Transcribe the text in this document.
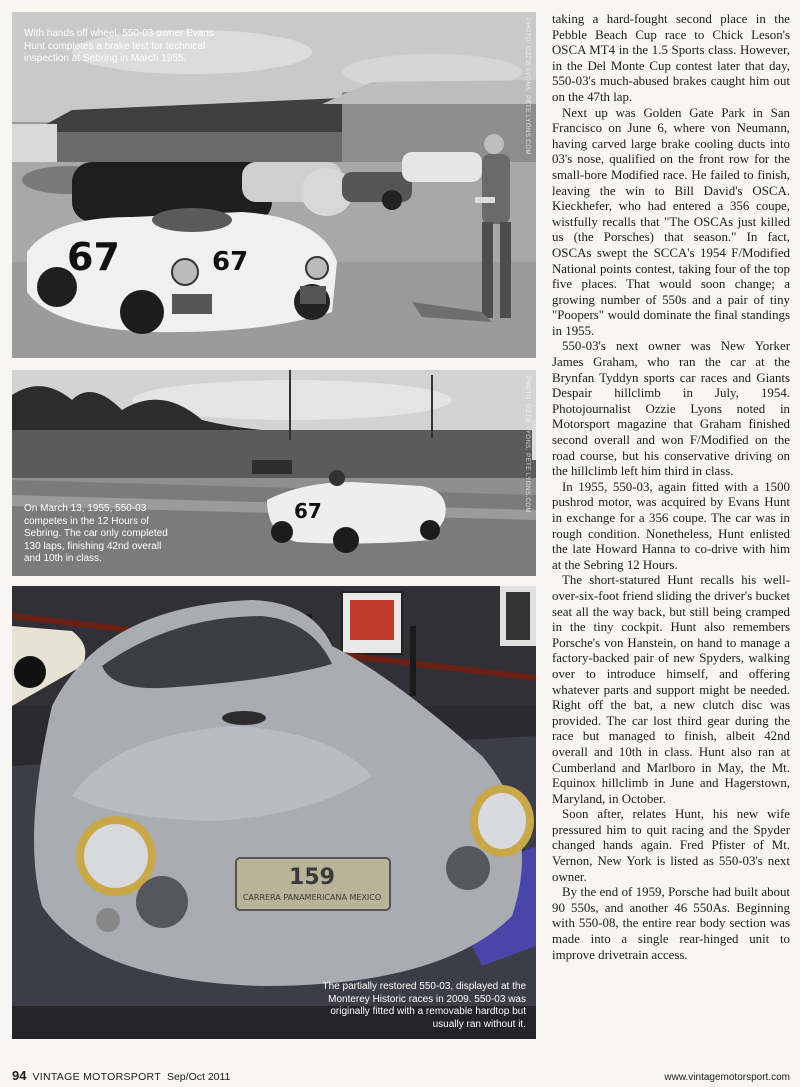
67	67
PHOTO: OZZIE LYONS, PETE LYONS.COM
With hands off wheel, 550-03 owner Evans Hunt completes a brake test for technical inspection at Sebring in March 1955.
67	PHOTO: OZZIE LYONS, PETE LYONS.COM
On March 13, 1955, 550-03 competes in the 12 Hours of Sebring. The car only completed 130 laps, finishing 42nd overall and 10th in class.
159
CARRERA PANAMERICANA MEXICO
The partially restored 550-03, displayed at the Monterey Historic races in 2009. 550-03 was originally fitted with a removable hardtop but usually ran without it.

taking a hard-fought second place in the Pebble Beach Cup race to Chick Leson's OSCA MT4 in the 1.5 Sports class. However, in the Del Monte Cup contest later that day, 550-03's much-abused brakes caught him out on the 47th lap.

Next up was Golden Gate Park in San Francisco on June 6, where von Neumann, having carved large brake cooling ducts into 03's nose, qualified on the front row for the small-bore Modified race. He failed to finish, leaving the win to Bill David's OSCA. Kieckhefer, who had entered a 356 coupe, wistfully recalls that "The OSCAs just killed us (the Porsches) that season." In fact, OSCAs swept the SCCA's 1954 F/Modified National points contest, taking four of the top five places. That would soon change; a growing number of 550s and a pair of tiny "Poopers" would dominate the final standings in 1955.

550-03's next owner was New Yorker James Graham, who ran the car at the Brynfan Tyddyn sports car races and Giants Despair hillclimb in July, 1954. Photojournalist Ozzie Lyons noted in Motorsport magazine that Graham finished second overall and won F/Modified on the road course, but his conservative driving on the hillclimb left him third in class.

In 1955, 550-03, again fitted with a 1500 pushrod motor, was acquired by Evans Hunt in exchange for a 356 coupe. The car was in rough condition. Nonetheless, Hunt enlisted the late Howard Hanna to co-drive with him at the Sebring 12 Hours.

The short-statured Hunt recalls his well-over-six-foot friend sliding the driver's bucket seat all the way back, but still being cramped in the tiny cockpit. Hunt also remembers Porsche's von Hanstein, on hand to manage a factory-backed pair of new Spyders, walking over to introduce himself, and offering whatever parts and support might be needed. Right off the bat, a new clutch disc was provided. The car lost third gear during the race but managed to finish, albeit 42nd overall and 10th in class. Hunt also ran at Cumberland and Marlboro in May, the Mt. Equinox hillclimb in June and Hagerstown, Maryland, in October.

Soon after, relates Hunt, his new wife pressured him to quit racing and the Spyder changed hands again. Fred Pfister of Mt. Vernon, New York is listed as 550-03's next owner.

By the end of 1959, Porsche had built about 90 550s, and another 46 550As. Beginning with 550-08, the entire rear body section was made into a single rear-hinged unit to improve drivetrain access.

94 VINTAGE MOTORSPORT Sep/Oct 2011	www.vintagemotorsport.com
